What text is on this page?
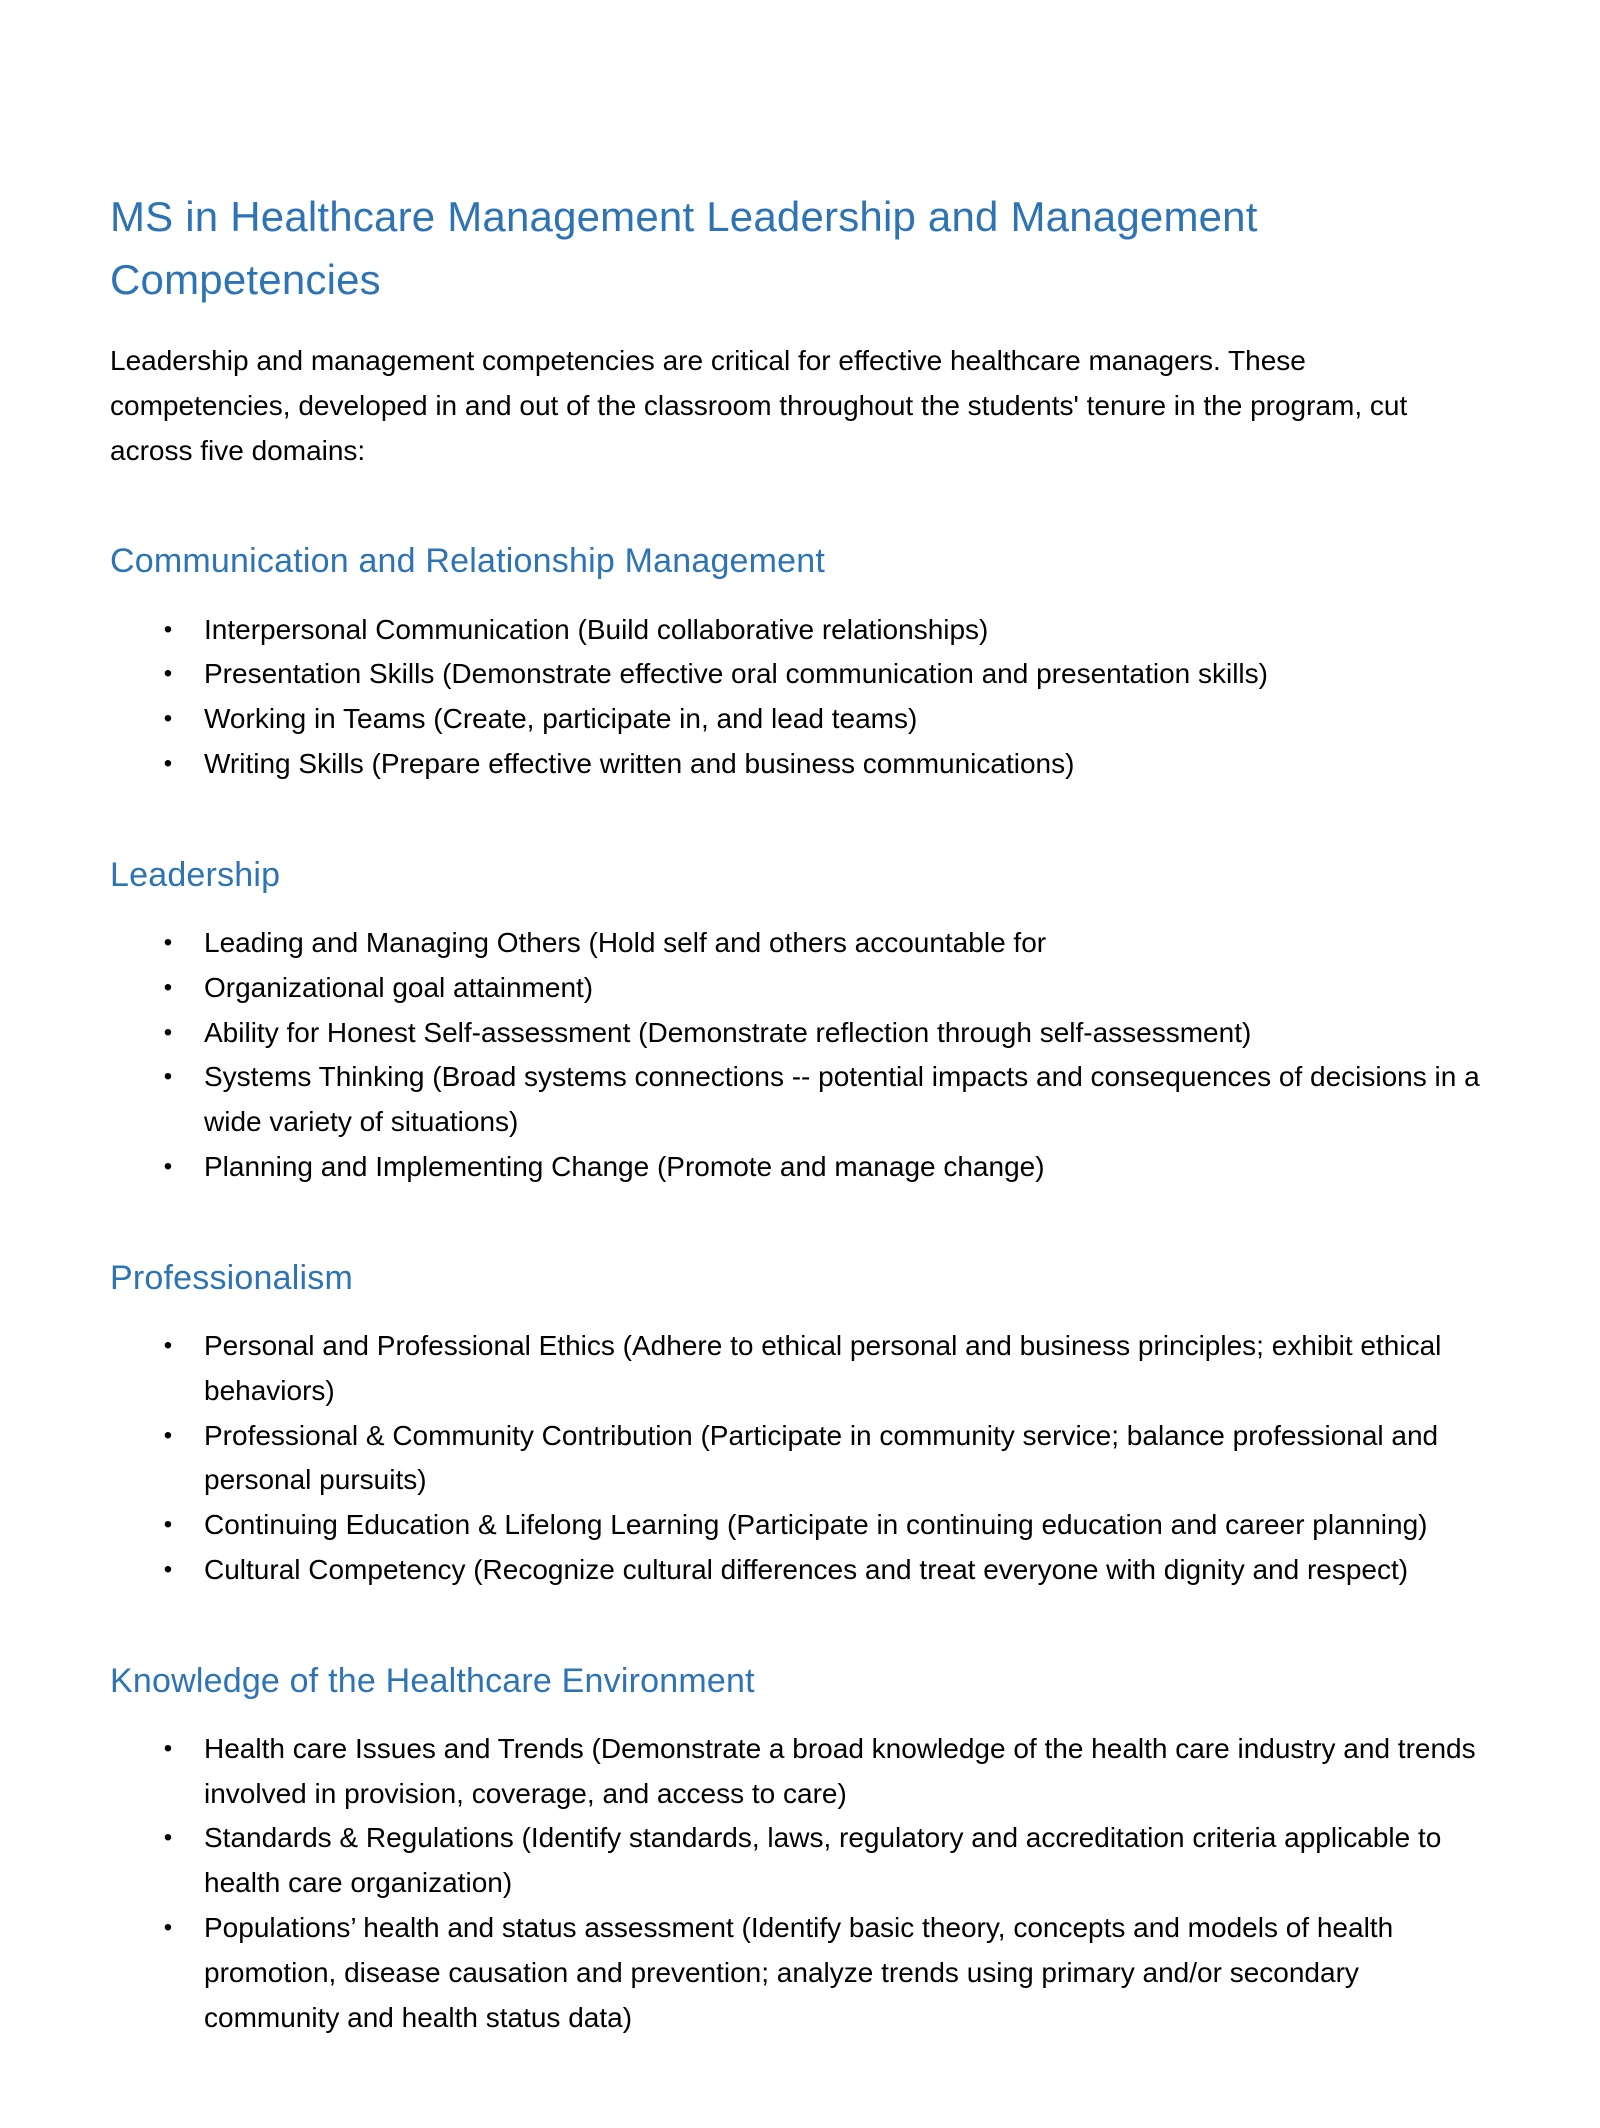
MS in Healthcare Management Leadership and Management Competencies

Leadership and management competencies are critical for effective healthcare managers. These competencies, developed in and out of the classroom throughout the students' tenure in the program, cut across five domains:

Communication and Relationship Management
• Interpersonal Communication (Build collaborative relationships)
• Presentation Skills (Demonstrate effective oral communication and presentation skills)
• Working in Teams (Create, participate in, and lead teams)
• Writing Skills (Prepare effective written and business communications)
Leadership
• Leading and Managing Others (Hold self and others accountable for
• Organizational goal attainment)
• Ability for Honest Self-assessment (Demonstrate reflection through self-assessment)
• Systems Thinking (Broad systems connections -- potential impacts and consequences of decisions in a wide variety of situations)
• Planning and Implementing Change (Promote and manage change)
Professionalism
• Personal and Professional Ethics (Adhere to ethical personal and business principles; exhibit ethical behaviors)
• Professional & Community Contribution (Participate in community service; balance professional and personal pursuits)
• Continuing Education & Lifelong Learning (Participate in continuing education and career planning)
• Cultural Competency (Recognize cultural differences and treat everyone with dignity and respect)
Knowledge of the Healthcare Environment
• Health care Issues and Trends (Demonstrate a broad knowledge of the health care industry and trends involved in provision, coverage, and access to care)
• Standards & Regulations (Identify standards, laws, regulatory and accreditation criteria applicable to health care organization)
• Populations’ health and status assessment (Identify basic theory, concepts and models of health promotion, disease causation and prevention; analyze trends using primary and/or secondary community and health status data)
